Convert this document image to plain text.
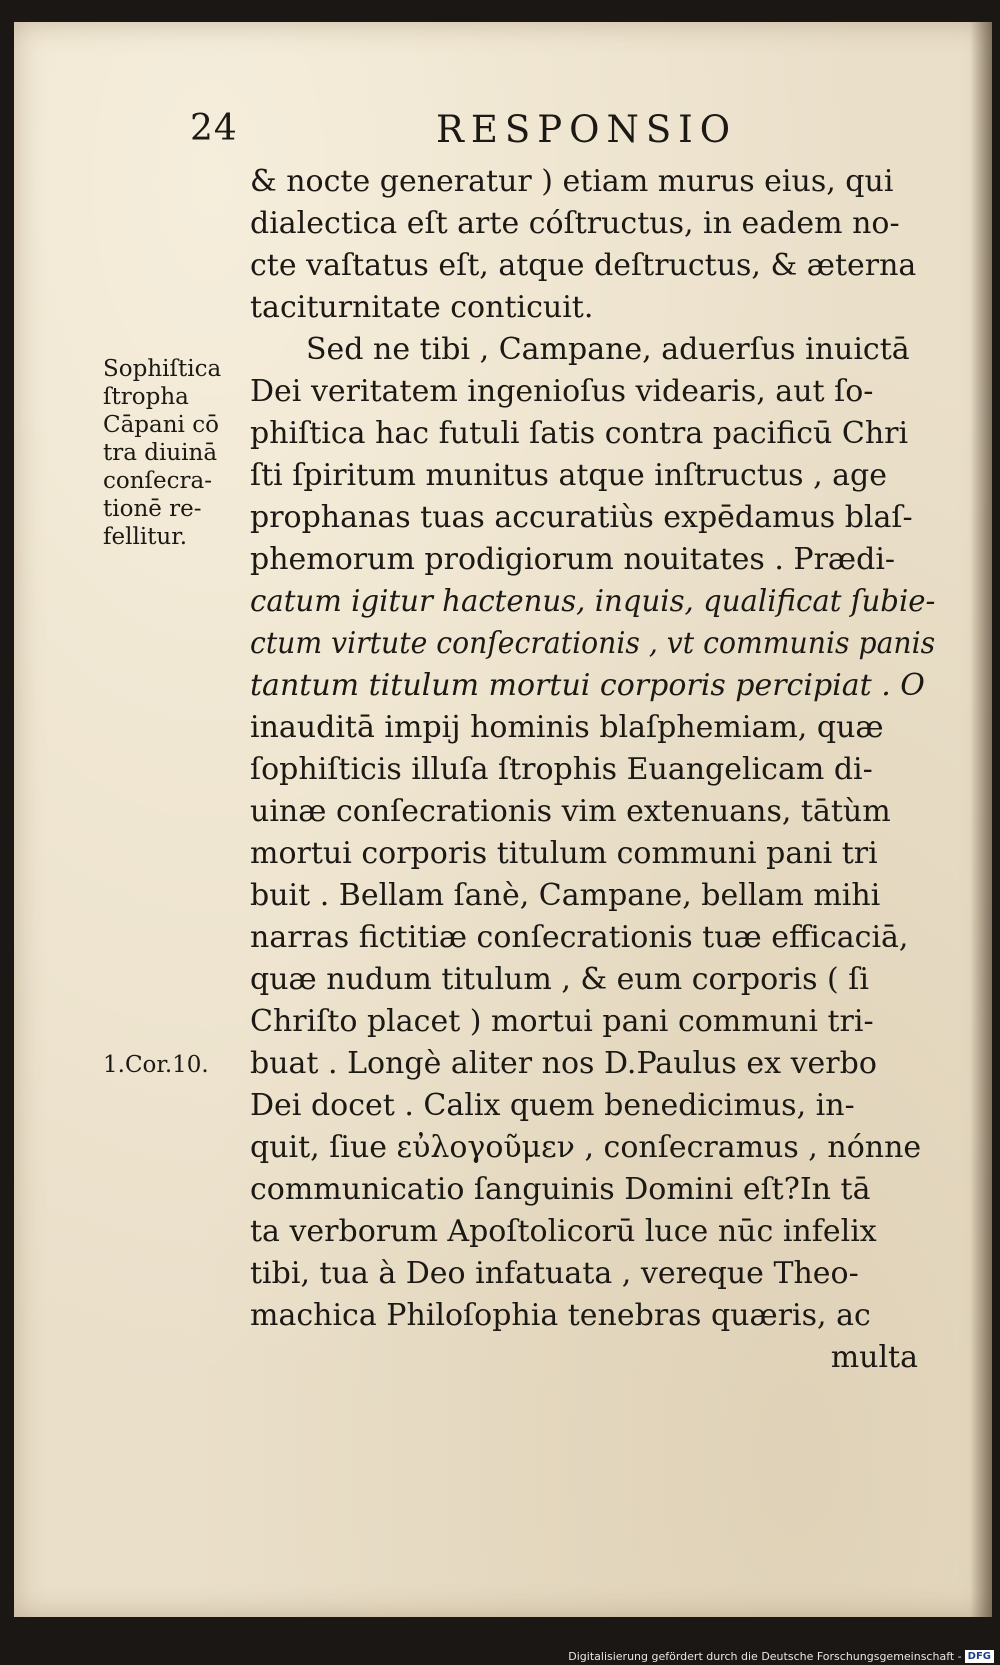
24	RESPONSIO
& nocte generatur ) etiam murus eius, qui
dialectica eſt arte cóſtructus, in eadem no-
cte vaſtatus eſt, atque deſtructus, & æterna
taciturnitate conticuit.
Sed ne tibi , Campane, aduerſus inuictā
Dei veritatem ingenioſus videaris, aut ſo-
phiſtica hac futuli ſatis contra pacificū Chri
ſti ſpiritum munitus atque inſtructus , age
prophanas tuas accuratiùs expēdamus blaſ-
phemorum prodigiorum nouitates . Prædi-
catum igitur hactenus, inquis, qualificat ſubie-
ctum virtute conſecrationis , vt communis panis
tantum titulum mortui corporis percipiat . O
inauditā impij hominis blaſphemiam, quæ
ſophiſticis illuſa ſtrophis Euangelicam di-
uinæ conſecrationis vim extenuans, tātùm
mortui corporis titulum communi pani tri
buit . Bellam ſanè, Campane, bellam mihi
narras fictitiæ conſecrationis tuæ efficaciā,
quæ nudum titulum , & eum corporis ( ſi
Chriſto placet ) mortui pani communi tri-
buat . Longè aliter nos D.Paulus ex verbo
Dei docet . Calix quem benedicimus, in-
quit, ſiue εὐλογοῦμεν , conſecramus , nónne
communicatio ſanguinis Domini eſt?In tā
ta verborum Apoſtolicorū luce nūc infelix
tibi, tua à Deo infatuata , vereque Theo-
machica Philoſophia tenebras quæris, ac
multa
Sophiſtica
ſtropha
Cāpani cō
tra diuinā
conſecra-
tionē re-
fellitur.
1.Cor.10.
Digitalisierung gefördert durch die Deutsche Forschungsgemeinschaft - DFG
